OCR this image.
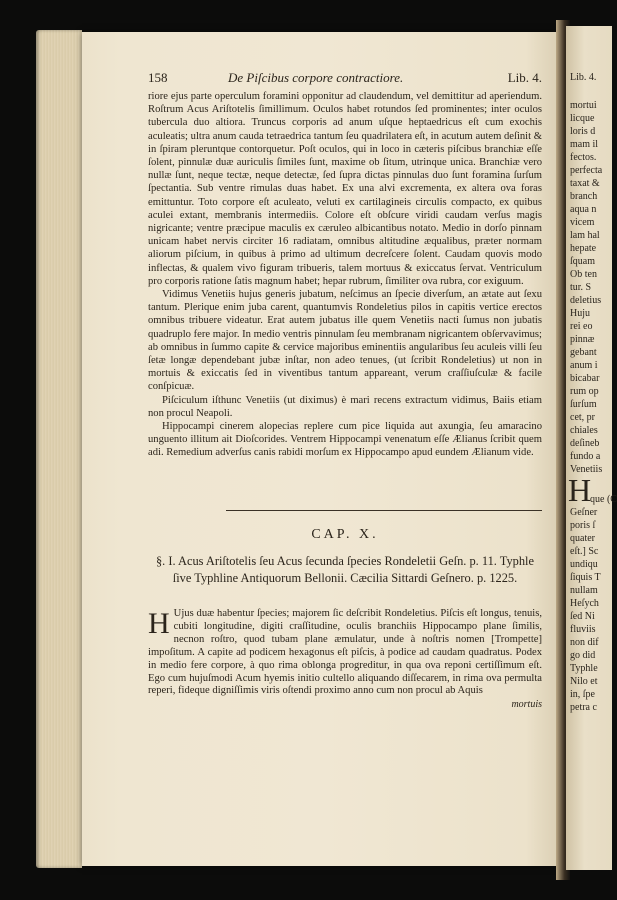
Lib. 4.
mortui
licque
loris d
mam il
fectos.
perfecta
taxat &
branch
aqua n
vicem
lam hal
hepate
ſquam
Ob ten
tur. S
deletius
Huju
rei eo
pinnæ
gebant
anum i
bicabar
rum op
ſurſum
cet, pr
chiales
deſineb
fundo a
Venetiis
H
que (C
Geſner
poris ſ
quater
eſt.] Sc
undiqu
ſiquis T
nullam
Heſych
ſed Ni
fluviis
non dif
go did
Typhle
Nilo et
in, ſpe
petra c
158	De Piſcibus corpore contractiore.	Lib. 4.

riore ejus parte operculum foramini opponitur ad claudendum, vel demittitur ad aperiendum. Roſtrum Acus Ariſtotelis ſimillimum. Oculos habet rotundos ſed prominentes; inter oculos tubercula duo altiora. Truncus corporis ad anum uſque heptaedricus eſt cum exochis aculeatis; ultra anum cauda tetraedrica tantum ſeu quadrilatera eſt, in acutum autem deſinit & in ſpiram pleruntque contorquetur. Poſt oculos, qui in loco in cæteris piſcibus branchiæ eſſe ſolent, pinnulæ duæ auriculis ſimiles ſunt, maxime ob ſitum, utrinque unica. Branchiæ vero nullæ ſunt, neque tectæ, neque detectæ, ſed ſupra dictas pinnulas duo ſunt foramina ſurſum ſpectantia. Sub ventre rimulas duas habet. Ex una alvi excrementa, ex altera ova foras emittuntur. Toto corpore eſt aculeato, veluti ex cartilagineis circulis compacto, ex quibus aculei extant, membranis intermediis. Colore eſt obſcure viridi caudam verſus magis nigricante; ventre præcipue maculis ex cæruleo albicantibus notato. Medio in dorſo pinnam unicam habet nervis circiter 16 radiatam, omnibus altitudine æqualibus, præter normam aliorum piſcium, in quibus à primo ad ultimum decreſcere ſolent. Caudam quovis modo inflectas, & qualem vivo figuram tribueris, talem mortuus & exiccatus ſervat. Ventriculum pro corporis ratione ſatis magnum habet; hepar rubrum, ſimiliter ova rubra, cor exiguum.

Vidimus Venetiis hujus generis jubatum, neſcimus an ſpecie diverſum, an ætate aut ſexu tantum. Plerique enim juba carent, quantumvis Rondeletius pilos in capitis vertice erectos omnibus tribuere videatur. Erat autem jubatus ille quem Venetiis nacti ſumus non jubatis quadruplo fere major. In medio ventris pinnulam ſeu membranam nigricantem obſervavimus; ab omnibus in ſummo capite & cervice majoribus eminentiis angularibus ſeu aculeis villi ſeu ſetæ longæ dependebant jubæ inſtar, non adeo tenues, (ut ſcribit Rondeletius) ut non in mortuis & exiccatis ſed in viventibus tantum appareant, verum craſſiuſculæ & facile conſpicuæ.

Piſciculum iſthunc Venetiis (ut diximus) è mari recens extractum vidimus, Baiis etiam non procul Neapoli.

Hippocampi cinerem alopecias replere cum pice liquida aut axungia, ſeu amaracino unguento illitum ait Dioſcorides. Ventrem Hippocampi venenatum eſſe Ælianus ſcribit quem adi. Remedium adverſus canis rabidi morſum ex Hippocampo apud eundem Ælianum vide.

CAP. X.
§. I. Acus Ariſtotelis ſeu Acus ſecunda ſpecies Rondeletii Geſn. p. 11. Typhle ſive Typhline Antiquorum Bellonii. Cæcilia Sittardi Geſnero. p. 1225.
H Ujus duæ habentur ſpecies; majorem ſic deſcribit Rondeletius. Piſcis eſt longus, tenuis, cubiti longitudine, digiti craſſitudine, oculis branchiis Hippocampo plane ſimilis, necnon roſtro, quod tubam plane æmulatur, unde à noſtris nomen [Trompette] impoſitum. A capite ad podicem hexagonus eſt piſcis, à podice ad caudam quadratus. Podex in medio fere corpore, à quo rima oblonga progreditur, in qua ova reponi certiſſimum eſt. Ego cum hujuſmodi Acum hyemis initio cultello aliquando diſſecarem, in rima ova permulta reperi, fideque digniſſimis viris oſtendi proximo anno cum non procul ab Aquis
mortuis
